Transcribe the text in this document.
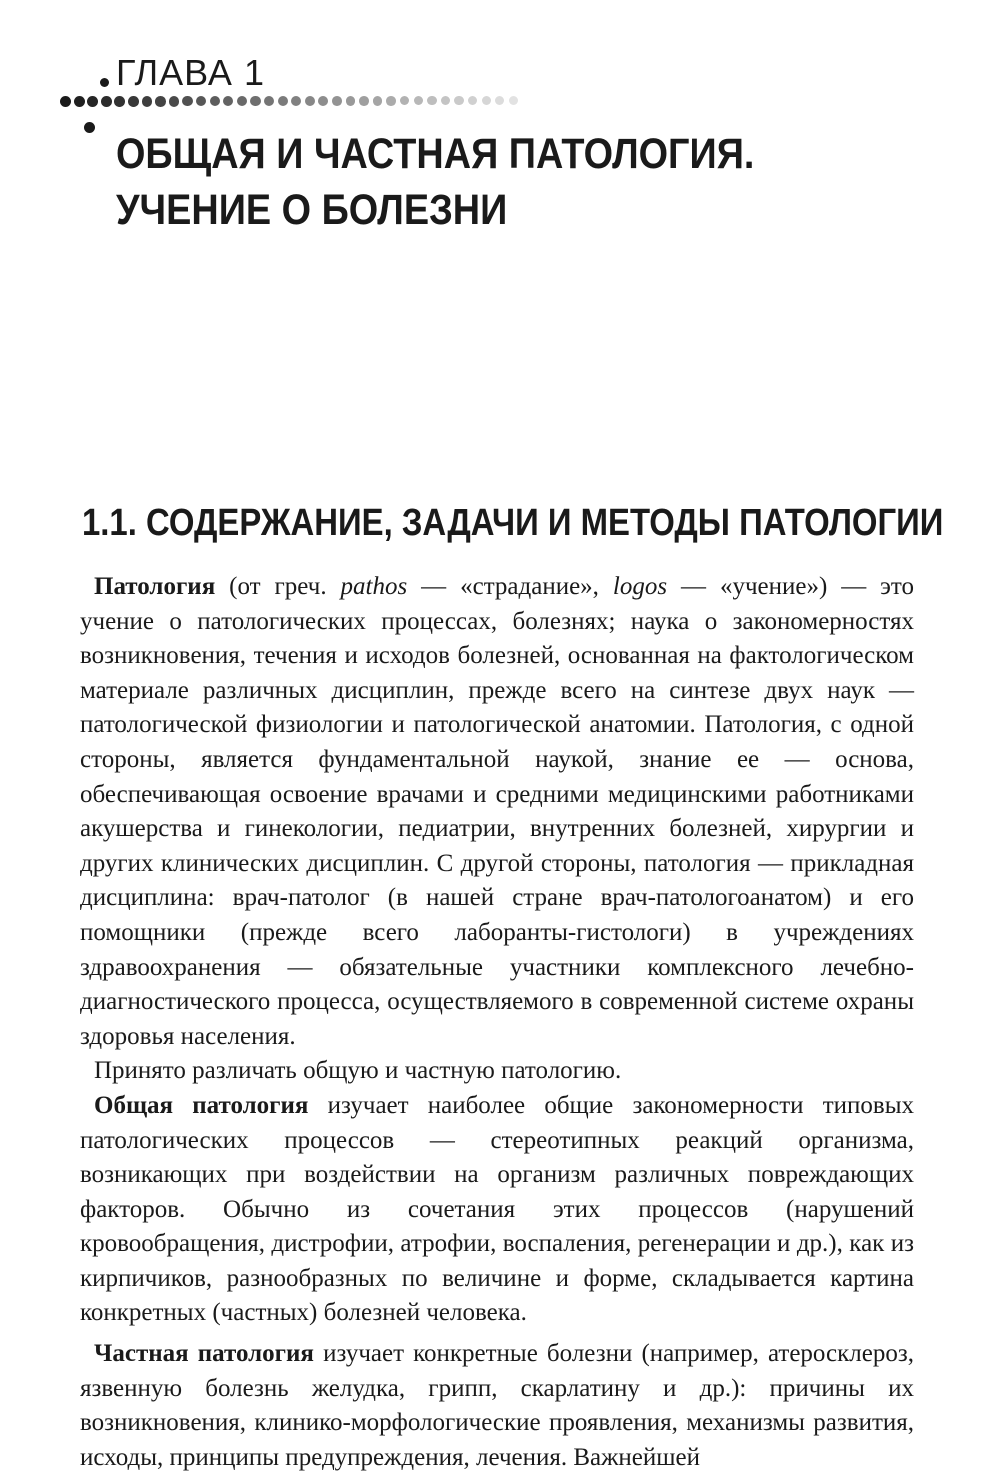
ГЛАВА 1
ОБЩАЯ И ЧАСТНАЯ ПАТОЛОГИЯ.
УЧЕНИЕ О БОЛЕЗНИ
1.1. СОДЕРЖАНИЕ, ЗАДАЧИ И МЕТОДЫ ПАТОЛОГИИ

Патология (от греч. pathos — «страдание», logos — «учение») — это учение о патологических процессах, болезнях; наука о закономерностях возникновения, течения и исходов болезней, основанная на фактологическом материале различных дисциплин, прежде всего на синтезе двух наук — патологической физиологии и патологической анатомии. Патология, с одной стороны, является фундаментальной наукой, знание ее — основа, обеспечивающая освоение врачами и средними медицинскими работниками акушерства и гинекологии, педиатрии, внутренних болезней, хирургии и других клинических дисциплин. С другой стороны, патология — прикладная дисциплина: врач-патолог (в нашей стране врач-патологоанатом) и его помощники (прежде всего лаборанты-гистологи) в учреждениях здравоохранения — обязательные участники комплексного лечебно-диагностического процесса, осуществляемого в современной системе охраны здоровья населения.

Принято различать общую и частную патологию.

Общая патология изучает наиболее общие закономерности типовых патологических процессов — стереотипных реакций организма, возникающих при воздействии на организм различных повреждающих факторов. Обычно из сочетания этих процессов (нарушений кровообращения, дистрофии, атрофии, воспаления, регенерации и др.), как из кирпичиков, разнообразных по величине и форме, складывается картина конкретных (частных) болезней человека.

Частная патология изучает конкретные болезни (например, атеросклероз, язвенную болезнь желудка, грипп, скарлатину и др.): причины их возникновения, клинико-морфологические проявления, механизмы развития, исходы, принципы предупреждения, лечения. Важнейшей
